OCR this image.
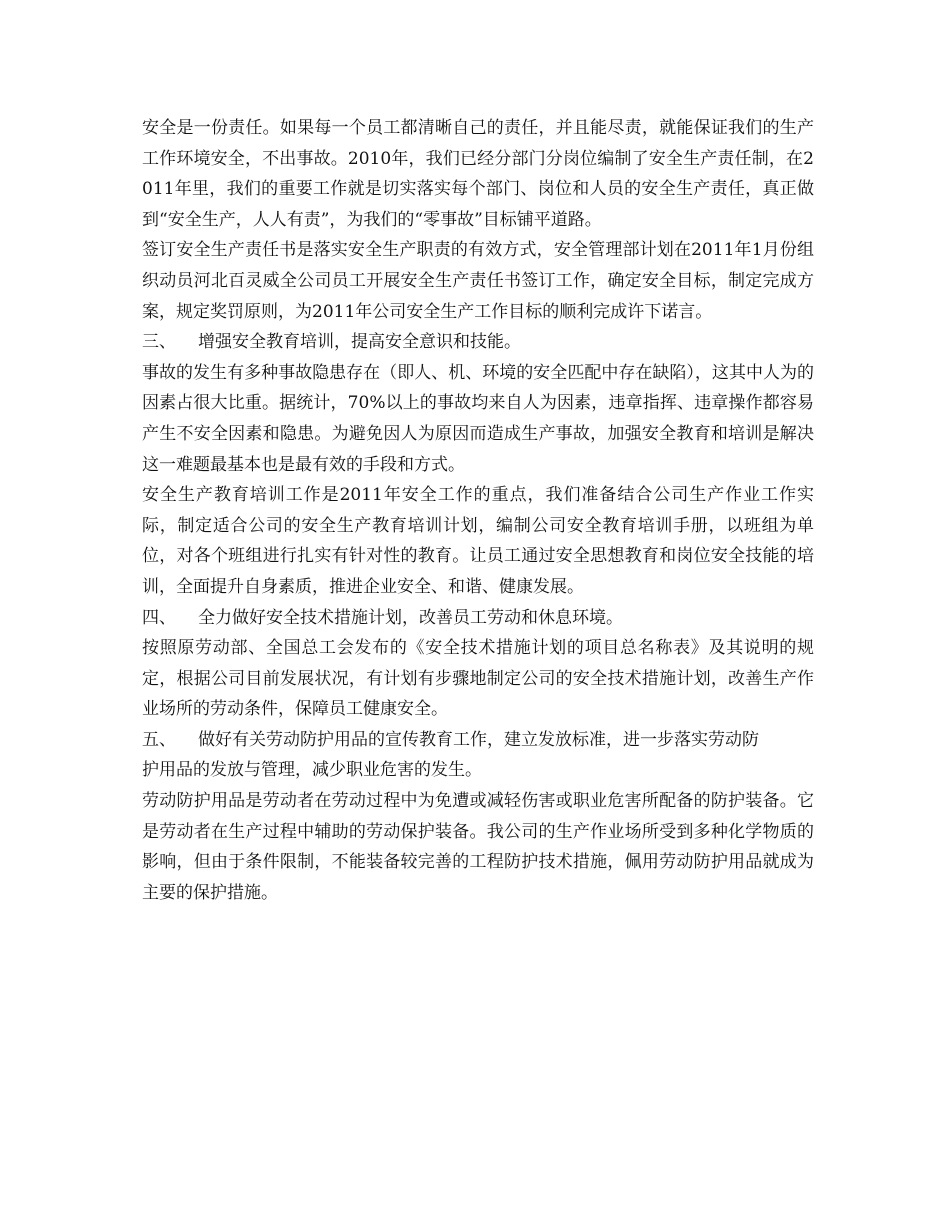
安全是一份责任。如果每一个员工都清晰自己的责任，并且能尽责，就能保证我们的生产工作环境安全，不出事故。2010年，我们已经分部门分岗位编制了安全生产责任制，在2011年里，我们的重要工作就是切实落实每个部门、岗位和人员的安全生产责任，真正做到“安全生产，人人有责”，为我们的“零事故”目标铺平道路。

签订安全生产责任书是落实安全生产职责的有效方式，安全管理部计划在2011年1月份组织动员河北百灵威全公司员工开展安全生产责任书签订工作，确定安全目标，制定完成方案，规定奖罚原则，为2011年公司安全生产工作目标的顺利完成许下诺言。

三、 增强安全教育培训，提高安全意识和技能。

事故的发生有多种事故隐患存在（即人、机、环境的安全匹配中存在缺陷），这其中人为的因素占很大比重。据统计，70%以上的事故均来自人为因素，违章指挥、违章操作都容易产生不安全因素和隐患。为避免因人为原因而造成生产事故，加强安全教育和培训是解决这一难题最基本也是最有效的手段和方式。

安全生产教育培训工作是2011年安全工作的重点，我们准备结合公司生产作业工作实际，制定适合公司的安全生产教育培训计划，编制公司安全教育培训手册，以班组为单位，对各个班组进行扎实有针对性的教育。让员工通过安全思想教育和岗位安全技能的培训，全面提升自身素质，推进企业安全、和谐、健康发展。

四、 全力做好安全技术措施计划，改善员工劳动和休息环境。

按照原劳动部、全国总工会发布的《安全技术措施计划的项目总名称表》及其说明的规定，根据公司目前发展状况，有计划有步骤地制定公司的安全技术措施计划，改善生产作业场所的劳动条件，保障员工健康安全。

五、 做好有关劳动防护用品的宣传教育工作，建立发放标准，进一步落实劳动防

护用品的发放与管理，减少职业危害的发生。

劳动防护用品是劳动者在劳动过程中为免遭或减轻伤害或职业危害所配备的防护装备。它是劳动者在生产过程中辅助的劳动保护装备。我公司的生产作业场所受到多种化学物质的影响，但由于条件限制，不能装备较完善的工程防护技术措施，佩用劳动防护用品就成为主要的保护措施。
